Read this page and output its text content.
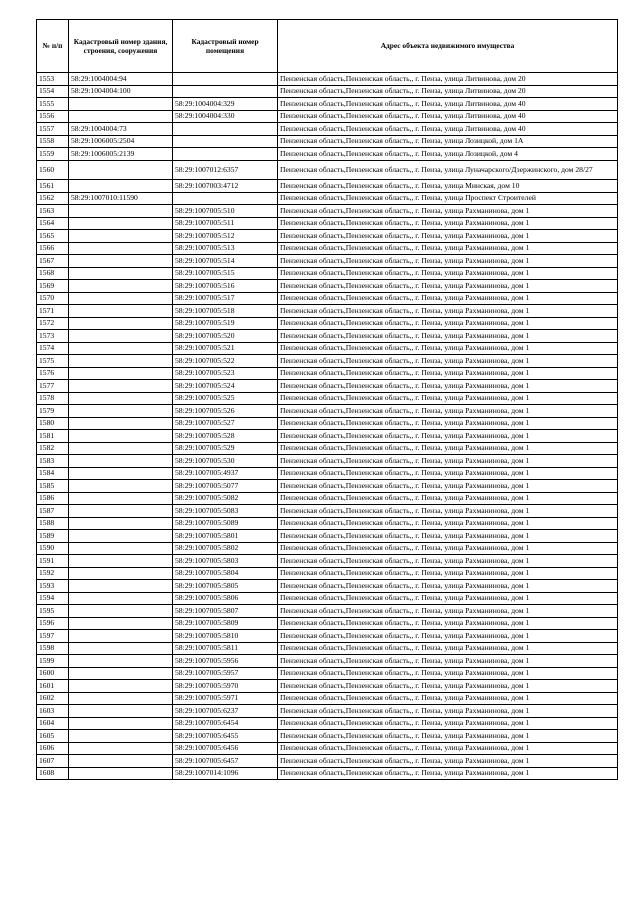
№ п/п	Кадастровый номер здания, строения, сооружения	Кадастровый номер помещения	Адрес объекта недвижимого имущества
1553	58:29:1004004:94		Пензенская область,Пензенская область,, г. Пенза, улица Литвинова, дом 20
1554	58:29:1004004:100		Пензенская область,Пензенская область,, г. Пенза, улица Литвинова, дом 20
1555		58:29:1004004:329	Пензенская область,Пензенская область,, г. Пенза, улица Литвинова, дом 40
1556		58:29:1004004:330	Пензенская область,Пензенская область,, г. Пенза, улица Литвинова, дом 40
1557	58:29:1004004:73		Пензенская область,Пензенская область,, г. Пенза, улица Литвинова, дом 40
1558	58:29:1006005:2504		Пензенская область,Пензенская область,, г. Пенза, улица Лозицкой, дом 1А
1559	58:29:1006005:2139		Пензенская область,Пензенская область,, г. Пенза, улица Лозицкой, дом 4
1560		58:29:1007012:6357	Пензенская область,Пензенская область,, г. Пенза, улица Луначарского/Дзержинского, дом 28/27
1561		58:29:1007003:4712	Пензенская область,Пензенская область,, г. Пенза, улица Минская, дом 10
1562	58:29:1007010:11590		Пензенская область,Пензенская область,, г. Пенза, улица Проспект Строителей
1563		58:29:1007005:510	Пензенская область,Пензенская область,, г. Пенза, улица Рахманинова, дом 1
1564		58:29:1007005:511	Пензенская область,Пензенская область,, г. Пенза, улица Рахманинова, дом 1
1565		58:29:1007005:512	Пензенская область,Пензенская область,, г. Пенза, улица Рахманинова, дом 1
1566		58:29:1007005:513	Пензенская область,Пензенская область,, г. Пенза, улица Рахманинова, дом 1
1567		58:29:1007005:514	Пензенская область,Пензенская область,, г. Пенза, улица Рахманинова, дом 1
1568		58:29:1007005:515	Пензенская область,Пензенская область,, г. Пенза, улица Рахманинова, дом 1
1569		58:29:1007005:516	Пензенская область,Пензенская область,, г. Пенза, улица Рахманинова, дом 1
1570		58:29:1007005:517	Пензенская область,Пензенская область,, г. Пенза, улица Рахманинова, дом 1
1571		58:29:1007005:518	Пензенская область,Пензенская область,, г. Пенза, улица Рахманинова, дом 1
1572		58:29:1007005:519	Пензенская область,Пензенская область,, г. Пенза, улица Рахманинова, дом 1
1573		58:29:1007005:520	Пензенская область,Пензенская область,, г. Пенза, улица Рахманинова, дом 1
1574		58:29:1007005:521	Пензенская область,Пензенская область,, г. Пенза, улица Рахманинова, дом 1
1575		58:29:1007005:522	Пензенская область,Пензенская область,, г. Пенза, улица Рахманинова, дом 1
1576		58:29:1007005:523	Пензенская область,Пензенская область,, г. Пенза, улица Рахманинова, дом 1
1577		58:29:1007005:524	Пензенская область,Пензенская область,, г. Пенза, улица Рахманинова, дом 1
1578		58:29:1007005:525	Пензенская область,Пензенская область,, г. Пенза, улица Рахманинова, дом 1
1579		58:29:1007005:526	Пензенская область,Пензенская область,, г. Пенза, улица Рахманинова, дом 1
1580		58:29:1007005:527	Пензенская область,Пензенская область,, г. Пенза, улица Рахманинова, дом 1
1581		58:29:1007005:528	Пензенская область,Пензенская область,, г. Пенза, улица Рахманинова, дом 1
1582		58:29:1007005:529	Пензенская область,Пензенская область,, г. Пенза, улица Рахманинова, дом 1
1583		58:29:1007005:530	Пензенская область,Пензенская область,, г. Пенза, улица Рахманинова, дом 1
1584		58:29:1007005:4937	Пензенская область,Пензенская область,, г. Пенза, улица Рахманинова, дом 1
1585		58:29:1007005:5077	Пензенская область,Пензенская область,, г. Пенза, улица Рахманинова, дом 1
1586		58:29:1007005:5082	Пензенская область,Пензенская область,, г. Пенза, улица Рахманинова, дом 1
1587		58:29:1007005:5083	Пензенская область,Пензенская область,, г. Пенза, улица Рахманинова, дом 1
1588		58:29:1007005:5089	Пензенская область,Пензенская область,, г. Пенза, улица Рахманинова, дом 1
1589		58:29:1007005:5801	Пензенская область,Пензенская область,, г. Пенза, улица Рахманинова, дом 1
1590		58:29:1007005:5802	Пензенская область,Пензенская область,, г. Пенза, улица Рахманинова, дом 1
1591		58:29:1007005:5803	Пензенская область,Пензенская область,, г. Пенза, улица Рахманинова, дом 1
1592		58:29:1007005:5804	Пензенская область,Пензенская область,, г. Пенза, улица Рахманинова, дом 1
1593		58:29:1007005:5805	Пензенская область,Пензенская область,, г. Пенза, улица Рахманинова, дом 1
1594		58:29:1007005:5806	Пензенская область,Пензенская область,, г. Пенза, улица Рахманинова, дом 1
1595		58:29:1007005:5807	Пензенская область,Пензенская область,, г. Пенза, улица Рахманинова, дом 1
1596		58:29:1007005:5809	Пензенская область,Пензенская область,, г. Пенза, улица Рахманинова, дом 1
1597		58:29:1007005:5810	Пензенская область,Пензенская область,, г. Пенза, улица Рахманинова, дом 1
1598		58:29:1007005:5811	Пензенская область,Пензенская область,, г. Пенза, улица Рахманинова, дом 1
1599		58:29:1007005:5956	Пензенская область,Пензенская область,, г. Пенза, улица Рахманинова, дом 1
1600		58:29:1007005:5957	Пензенская область,Пензенская область,, г. Пенза, улица Рахманинова, дом 1
1601		58:29:1007005:5970	Пензенская область,Пензенская область,, г. Пенза, улица Рахманинова, дом 1
1602		58:29:1007005:5971	Пензенская область,Пензенская область,, г. Пенза, улица Рахманинова, дом 1
1603		58:29:1007005:6237	Пензенская область,Пензенская область,, г. Пенза, улица Рахманинова, дом 1
1604		58:29:1007005:6454	Пензенская область,Пензенская область,, г. Пенза, улица Рахманинова, дом 1
1605		58:29:1007005:6455	Пензенская область,Пензенская область,, г. Пенза, улица Рахманинова, дом 1
1606		58:29:1007005:6456	Пензенская область,Пензенская область,, г. Пенза, улица Рахманинова, дом 1
1607		58:29:1007005:6457	Пензенская область,Пензенская область,, г. Пенза, улица Рахманинова, дом 1
1608		58:29:1007014:1096	Пензенская область,Пензенская область,, г. Пенза, улица Рахманинова, дом 1
